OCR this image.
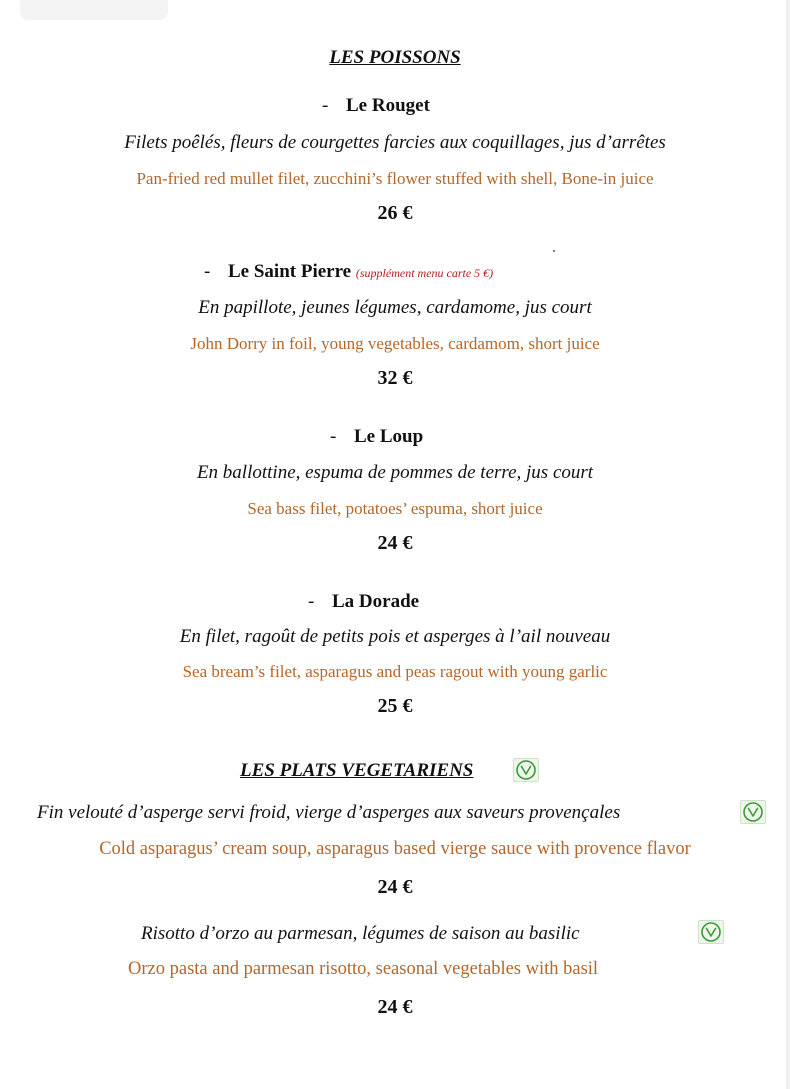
LES POISSONS
- Le Rouget
Filets poêlés, fleurs de courgettes farcies aux coquillages, jus d’arrêtes
Pan-fried red mullet filet, zucchini’s flower stuffed with shell, Bone-in juice
26 €
- Le Saint Pierre (supplément menu carte 5 €)
En papillote, jeunes légumes, cardamome, jus court
John Dorry in foil, young vegetables, cardamom, short juice
32 €
- Le Loup
En ballottine, espuma de pommes de terre, jus court
Sea bass filet, potatoes’ espuma, short juice
24 €
- La Dorade
En filet, ragoût de petits pois et asperges à l’ail nouveau
Sea bream’s filet, asparagus and peas ragout with young garlic
25 €
LES PLATS VEGETARIENS
Fin velouté d’asperge servi froid, vierge d’asperges aux saveurs provençales
Cold asparagus’ cream soup, asparagus based vierge sauce with provence flavor
24 €
Risotto d’orzo au parmesan, légumes de saison au basilic
Orzo pasta and parmesan risotto, seasonal vegetables with basil
24 €
